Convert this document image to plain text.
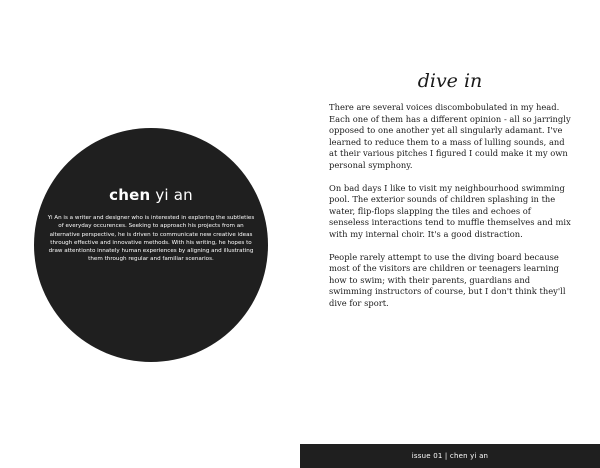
chen yi an

Yi An is a writer and designer who is interested in exploring the subtleties of everyday occurences. Seeking to approach his projects from an alternative perspective, he is driven to communicate new creative ideas through effective and innovative methods. With his writing, he hopes to draw attentionto innately human experiences by aligning and illustrating them through regular and familiar scenarios.

dive in

There are several voices discombobulated in my head. Each one of them has a different opinion - all so jarringly opposed to one another yet all singularly adamant. I've learned to reduce them to a mass of lulling sounds, and at their various pitches I figured I could make it my own personal symphony.

On bad days I like to visit my neighbourhood swimming pool. The exterior sounds of children splashing in the water, flip-flops slapping the tiles and echoes of senseless interactions tend to muffle themselves and mix with my internal choir. It's a good distraction.

People rarely attempt to use the diving board because most of the visitors are children or teenagers learning how to swim; with their parents, guardians and swimming instructors of course, but I don't think they'll dive for sport.

issue 01 | chen yi an
